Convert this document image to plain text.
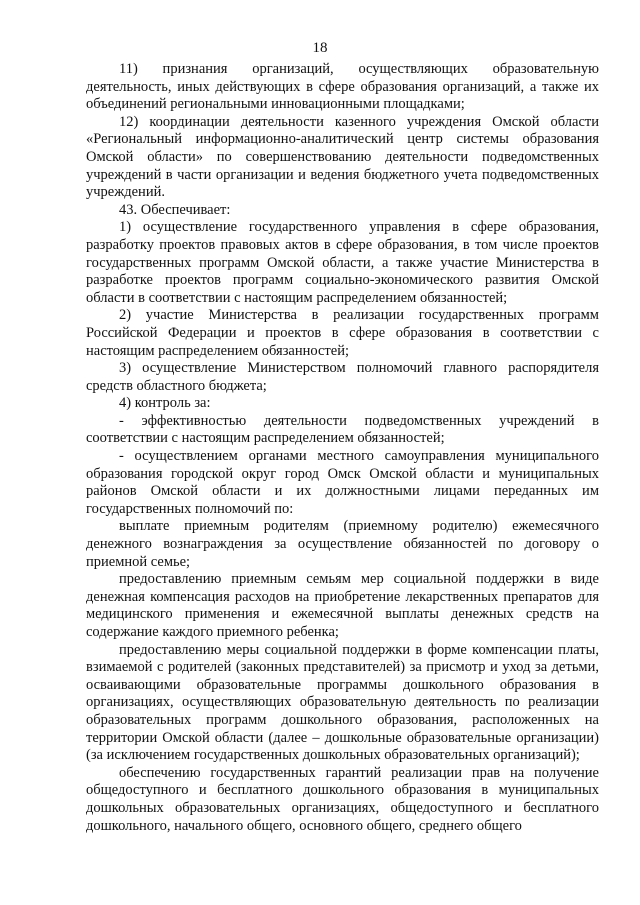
18

11) признания организаций, осуществляющих образовательную деятельность, иных действующих в сфере образования организаций, а также их объединений региональными инновационными площадками;

12) координации деятельности казенного учреждения Омской области «Региональный информационно-аналитический центр системы образования Омской области» по совершенствованию деятельности подведомственных учреждений в части организации и ведения бюджетного учета подведомственных учреждений.

43. Обеспечивает:

1) осуществление государственного управления в сфере образования, разработку проектов правовых актов в сфере образования, в том числе проектов государственных программ Омской области, а также участие Министерства в разработке проектов программ социально-экономического развития Омской области в соответствии с настоящим распределением обязанностей;

2) участие Министерства в реализации государственных программ Российской Федерации и проектов в сфере образования в соответствии с настоящим распределением обязанностей;

3) осуществление Министерством полномочий главного распорядителя средств областного бюджета;

4) контроль за:

- эффективностью деятельности подведомственных учреждений в соответствии с настоящим распределением обязанностей;

- осуществлением органами местного самоуправления муниципального образования городской округ город Омск Омской области и муниципальных районов Омской области и их должностными лицами переданных им государственных полномочий по:

выплате приемным родителям (приемному родителю) ежемесячного денежного вознаграждения за осуществление обязанностей по договору о приемной семье;

предоставлению приемным семьям мер социальной поддержки в виде денежная компенсация расходов на приобретение лекарственных препаратов для медицинского применения и ежемесячной выплаты денежных средств на содержание каждого приемного ребенка;

предоставлению меры социальной поддержки в форме компенсации платы, взимаемой с родителей (законных представителей) за присмотр и уход за детьми, осваивающими образовательные программы дошкольного образования в организациях, осуществляющих образовательную деятельность по реализации образовательных программ дошкольного образования, расположенных на территории Омской области (далее – дошкольные образовательные организации) (за исключением государственных дошкольных образовательных организаций);

обеспечению государственных гарантий реализации прав на получение общедоступного и бесплатного дошкольного образования в муниципальных дошкольных образовательных организациях, общедоступного и бесплатного дошкольного, начального общего, основного общего, среднего общего
